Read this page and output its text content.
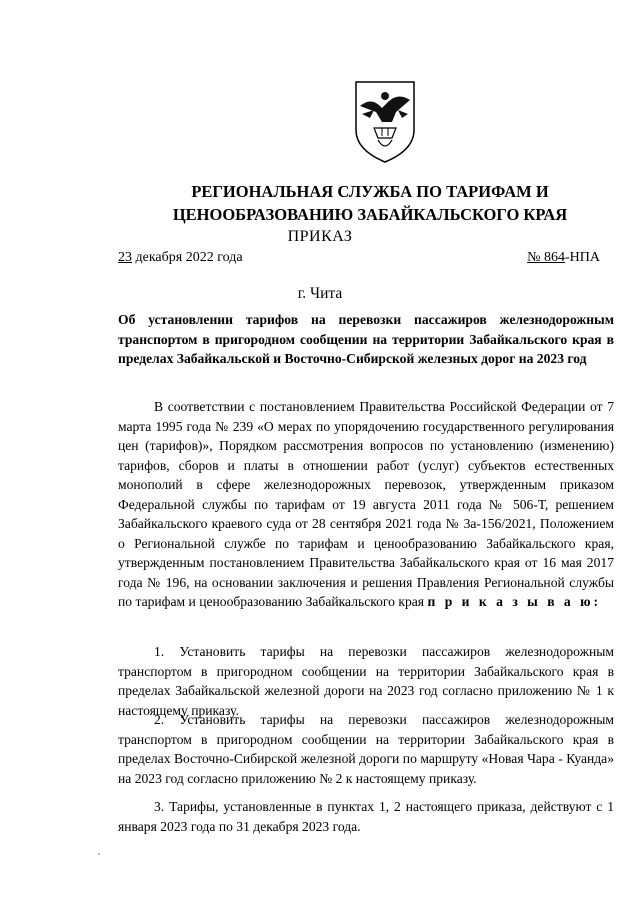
РЕГИОНАЛЬНАЯ СЛУЖБА ПО ТАРИФАМ И
ЦЕНООБРАЗОВАНИЮ ЗАБАЙКАЛЬСКОГО КРАЯ
ПРИКАЗ
23 декабря 2022 года	№ 864-НПА
г. Чита
Об установлении тарифов на перевозки пассажиров железнодорожным транспортом в пригородном сообщении на территории Забайкальского края в пределах Забайкальской и Восточно-Сибирской железных дорог на 2023 год
В соответствии с постановлением Правительства Российской Федерации от 7 марта 1995 года № 239 «О мерах по упорядочению государственного регулирования цен (тарифов)», Порядком рассмотрения вопросов по установлению (изменению) тарифов, сборов и платы в отношении работ (услуг) субъектов естественных монополий в сфере железнодорожных перевозок, утвержденным приказом Федеральной службы по тарифам от 19 августа 2011 года № 506-Т, решением Забайкальского краевого суда от 28 сентября 2021 года № 3а-156/2021, Положением о Региональной службе по тарифам и ценообразованию Забайкальского края, утвержденным постановлением Правительства Забайкальского края от 16 мая 2017 года № 196, на основании заключения и решения Правления Региональной службы по тарифам и ценообразованию Забайкальского края п р и к а з ы в а ю:
1. Установить тарифы на перевозки пассажиров железнодорожным транспортом в пригородном сообщении на территории Забайкальского края в пределах Забайкальской железной дороги на 2023 год согласно приложению № 1 к настоящему приказу.
2. Установить тарифы на перевозки пассажиров железнодорожным транспортом в пригородном сообщении на территории Забайкальского края в пределах Восточно-Сибирской железной дороги по маршруту «Новая Чара - Куанда» на 2023 год согласно приложению № 2 к настоящему приказу.
3. Тарифы, установленные в пунктах 1, 2 настоящего приказа, действуют с 1 января 2023 года по 31 декабря 2023 года.
